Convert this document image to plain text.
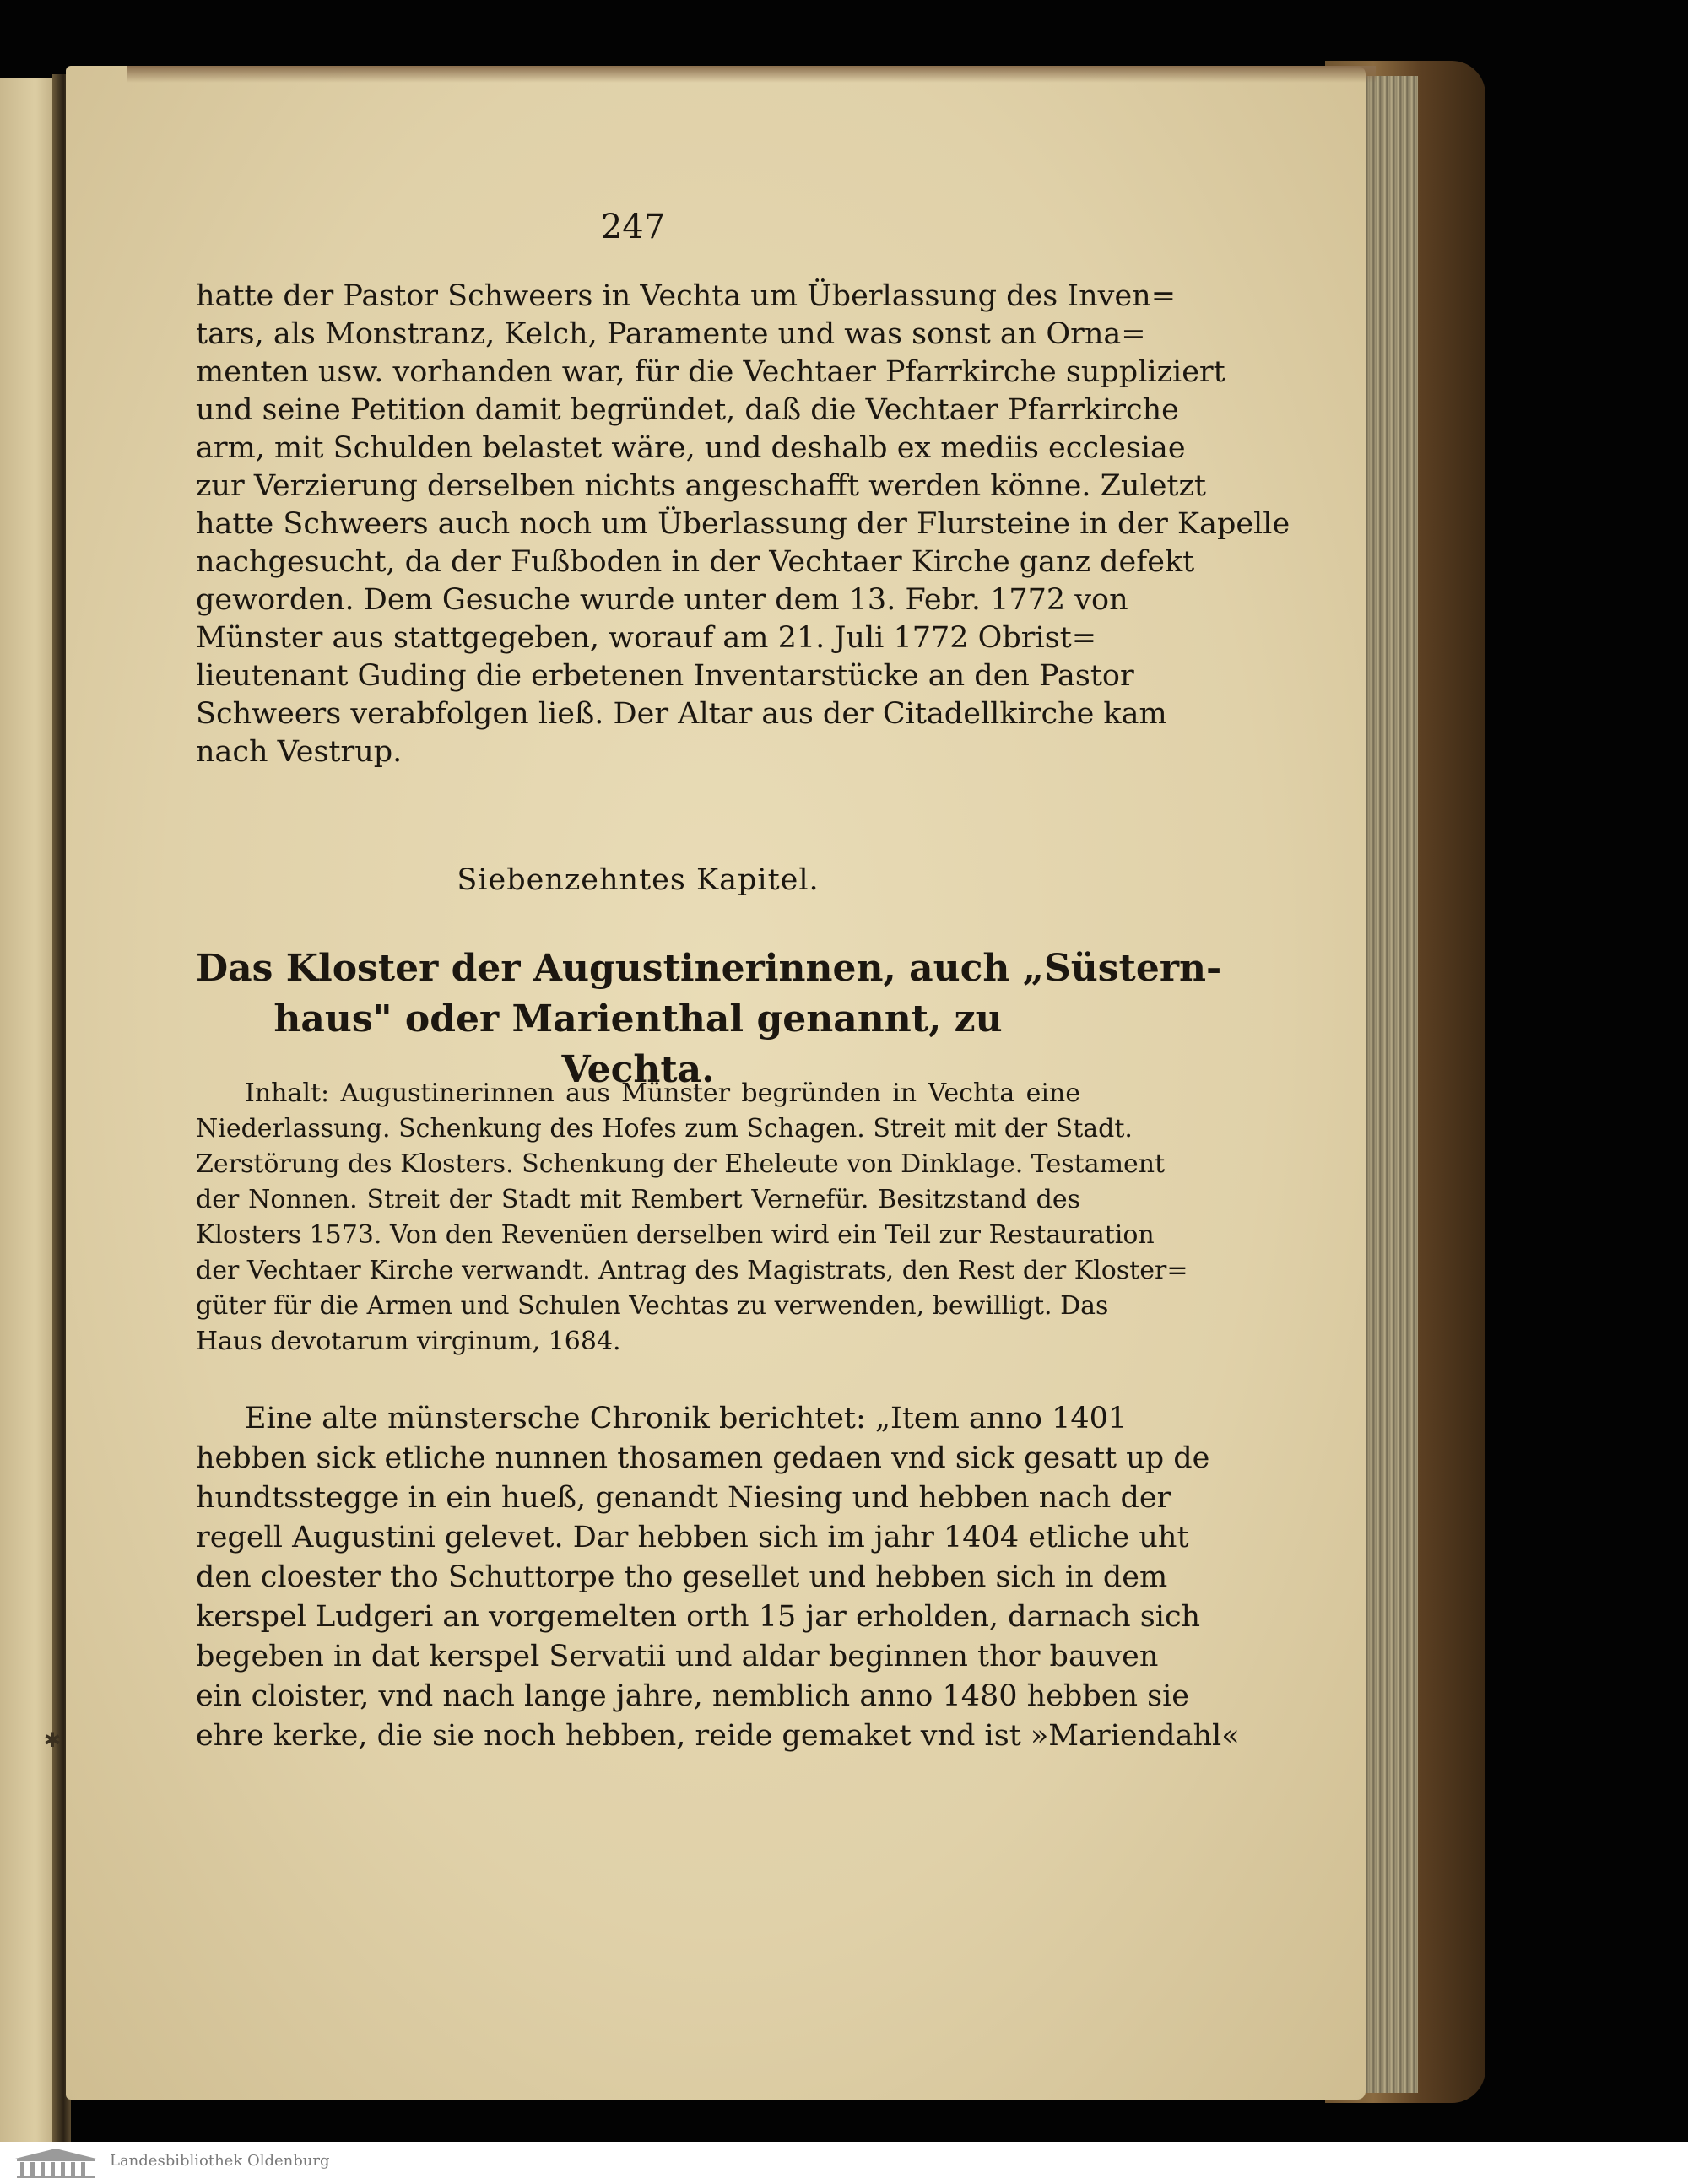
247
hatte der Pastor Schweers in Vechta um Überlassung des Inven=
tars, als Monstranz, Kelch, Paramente und was sonst an Orna=
menten usw. vorhanden war, für die Vechtaer Pfarrkirche suppliziert
und seine Petition damit begründet, daß die Vechtaer Pfarrkirche
arm, mit Schulden belastet wäre, und deshalb ex mediis ecclesiae
zur Verzierung derselben nichts angeschafft werden könne. Zuletzt
hatte Schweers auch noch um Überlassung der Flursteine in der Kapelle
nachgesucht, da der Fußboden in der Vechtaer Kirche ganz defekt
geworden. Dem Gesuche wurde unter dem 13. Febr. 1772 von
Münster aus stattgegeben, worauf am 21. Juli 1772 Obrist=
lieutenant Guding die erbetenen Inventarstücke an den Pastor
Schweers verabfolgen ließ. Der Altar aus der Citadellkirche kam
nach Vestrup.
Siebenzehntes Kapitel.
Das Kloster der Augustinerinnen, auch „Süstern-
haus" oder Marienthal genannt, zu Vechta.
Inhalt: Augustinerinnen aus Münster begründen in Vechta eine
Niederlassung. Schenkung des Hofes zum Schagen. Streit mit der Stadt.
Zerstörung des Klosters. Schenkung der Eheleute von Dinklage. Testament
der Nonnen. Streit der Stadt mit Rembert Vernefür. Besitzstand des
Klosters 1573. Von den Revenüen derselben wird ein Teil zur Restauration
der Vechtaer Kirche verwandt. Antrag des Magistrats, den Rest der Kloster=
güter für die Armen und Schulen Vechtas zu verwenden, bewilligt. Das
Haus devotarum virginum, 1684.
Eine alte münstersche Chronik berichtet: „Item anno 1401
hebben sick etliche nunnen thosamen gedaen vnd sick gesatt up de
hundtsstegge in ein hueß, genandt Niesing und hebben nach der
regell Augustini gelevet. Dar hebben sich im jahr 1404 etliche uht
den cloester tho Schuttorpe tho gesellet und hebben sich in dem
kerspel Ludgeri an vorgemelten orth 15 jar erholden, darnach sich
begeben in dat kerspel Servatii und aldar beginnen thor bauven
ein cloister, vnd nach lange jahre, nemblich anno 1480 hebben sie
ehre kerke, die sie noch hebben, reide gemaket vnd ist »Mariendahl«
✱
Landesbibliothek Oldenburg
